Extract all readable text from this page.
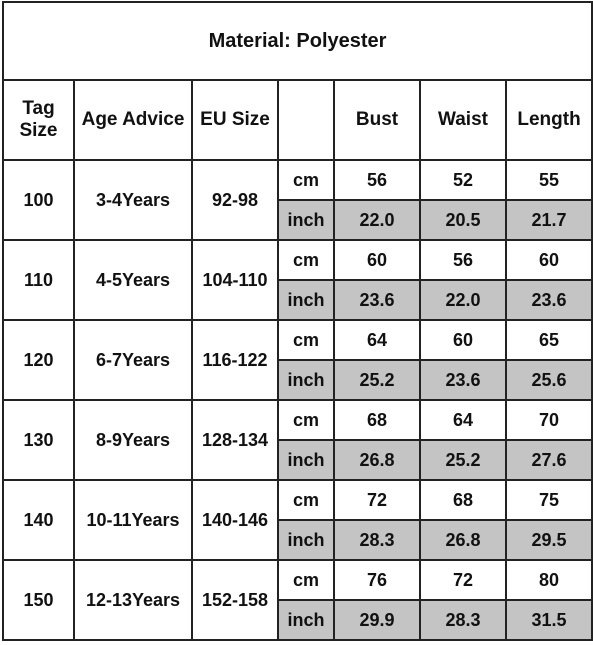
Material: Polyester						
Tag Size	Age Advice	EU Size		Bust	Waist	Length
100	3-4Years	92-98	cm	56	52	55
			inch	22.0	20.5	21.7
110	4-5Years	104-110	cm	60	56	60
			inch	23.6	22.0	23.6
120	6-7Years	116-122	cm	64	60	65
			inch	25.2	23.6	25.6
130	8-9Years	128-134	cm	68	64	70
			inch	26.8	25.2	27.6
140	10-11Years	140-146	cm	72	68	75
			inch	28.3	26.8	29.5
150	12-13Years	152-158	cm	76	72	80
			inch	29.9	28.3	31.5
